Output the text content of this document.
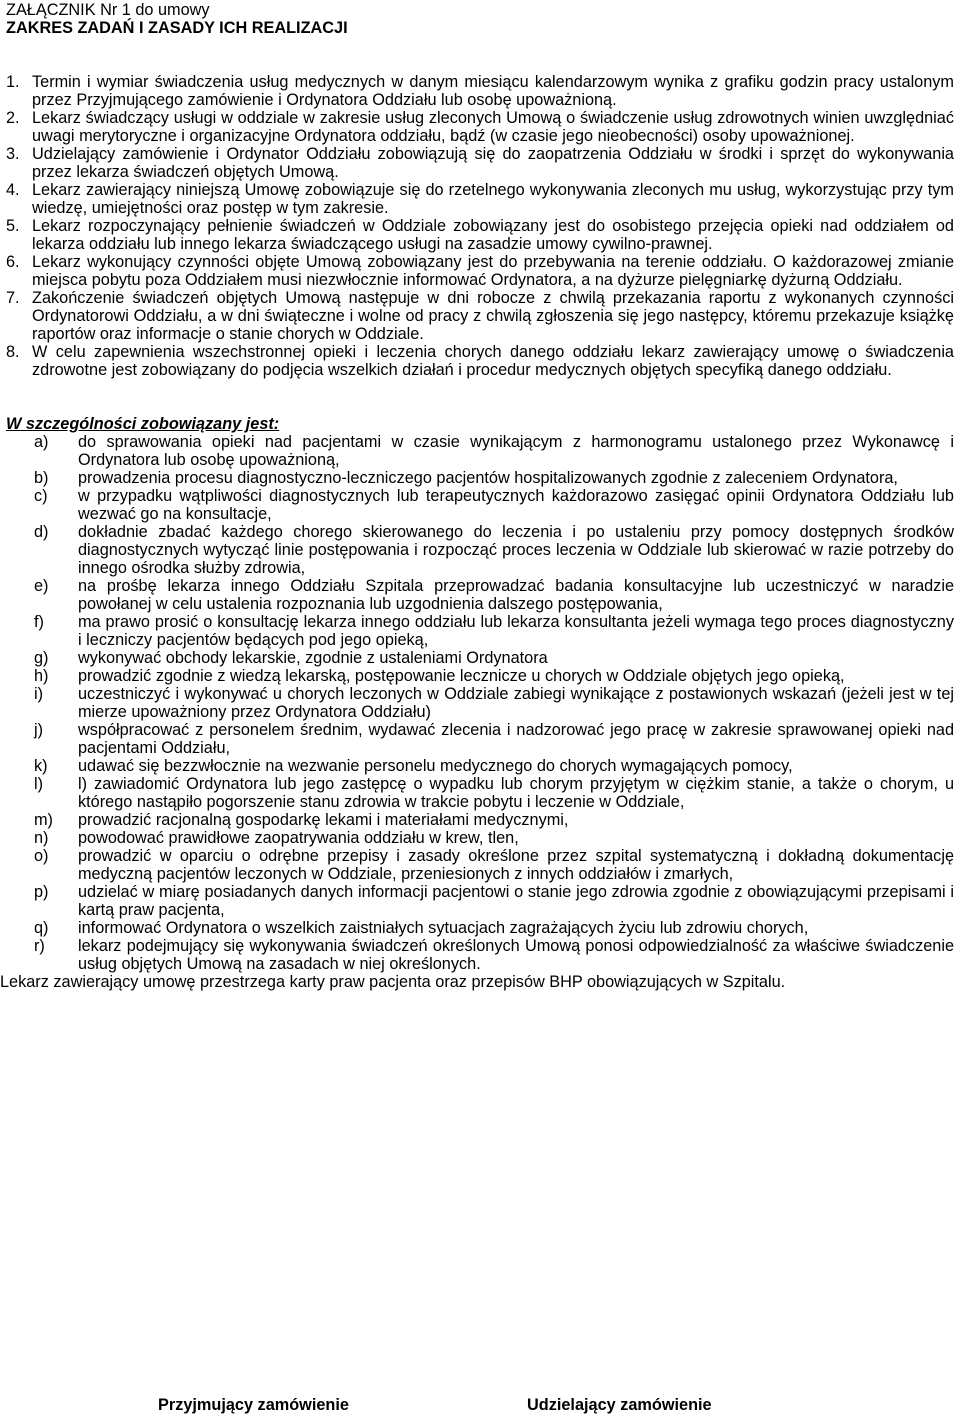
ZAŁĄCZNIK Nr 1 do umowy
ZAKRES ZADAŃ I ZASADY ICH REALIZACJI
1. Termin i wymiar świadczenia usług medycznych w danym miesiącu kalendarzowym wynika z grafiku godzin pracy ustalonym przez Przyjmującego zamówienie i Ordynatora Oddziału lub osobę upoważnioną.
2. Lekarz świadczący usługi w oddziale w zakresie usług zleconych Umową o świadczenie usług zdrowotnych winien uwzględniać uwagi merytoryczne i organizacyjne Ordynatora oddziału, bądź (w czasie jego nieobecności) osoby upoważnionej.
3. Udzielający zamówienie i Ordynator Oddziału zobowiązują się do zaopatrzenia Oddziału w środki i sprzęt do wykonywania przez lekarza świadczeń objętych Umową.
4. Lekarz zawierający niniejszą Umowę zobowiązuje się do rzetelnego wykonywania zleconych mu usług, wykorzystując przy tym wiedzę, umiejętności oraz postęp w tym zakresie.
5. Lekarz rozpoczynający pełnienie świadczeń w Oddziale zobowiązany jest do osobistego przejęcia opieki nad oddziałem od lekarza oddziału lub innego lekarza świadczącego usługi na zasadzie umowy cywilno-prawnej.
6. Lekarz wykonujący czynności objęte Umową zobowiązany jest do przebywania na terenie oddziału. O każdorazowej zmianie miejsca pobytu poza Oddziałem musi niezwłocznie informować Ordynatora, a na dyżurze pielęgniarkę dyżurną Oddziału.
7. Zakończenie świadczeń objętych Umową następuje w dni robocze z chwilą przekazania raportu z wykonanych czynności Ordynatorowi Oddziału, a w dni świąteczne i wolne od pracy z chwilą zgłoszenia się jego następcy, któremu przekazuje książkę raportów oraz informacje o stanie chorych w Oddziale.
8. W celu zapewnienia wszechstronnej opieki i leczenia chorych danego oddziału lekarz zawierający umowę o świadczenia zdrowotne jest zobowiązany do podjęcia wszelkich działań i procedur medycznych objętych specyfiką danego oddziału.
W szczególności zobowiązany jest:
a) do sprawowania opieki nad pacjentami w czasie wynikającym z harmonogramu ustalonego przez Wykonawcę i Ordynatora lub osobę upoważnioną,
b) prowadzenia procesu diagnostyczno-leczniczego pacjentów hospitalizowanych zgodnie z zaleceniem Ordynatora,
c) w przypadku wątpliwości diagnostycznych lub terapeutycznych każdorazowo zasięgać opinii Ordynatora Oddziału lub wezwać go na konsultacje,
d) dokładnie zbadać każdego chorego skierowanego do leczenia i po ustaleniu przy pomocy dostępnych środków diagnostycznych wytycząć linie postępowania i rozpocząć proces leczenia w Oddziale lub skierować w razie potrzeby do innego ośrodka służby zdrowia,
e) na prośbę lekarza innego Oddziału Szpitala przeprowadzać badania konsultacyjne lub uczestniczyć w naradzie powołanej w celu ustalenia rozpoznania lub uzgodnienia dalszego postępowania,
f) ma prawo prosić o konsultację lekarza innego oddziału lub lekarza konsultanta jeżeli wymaga tego proces diagnostyczny i leczniczy pacjentów będących pod jego opieką,
g) wykonywać obchody lekarskie, zgodnie z ustaleniami Ordynatora
h) prowadzić zgodnie z wiedzą lekarską, postępowanie lecznicze u chorych w Oddziale objętych jego opieką,
i) uczestniczyć i wykonywać u chorych leczonych w Oddziale zabiegi wynikające z postawionych wskazań (jeżeli jest w tej mierze upoważniony przez Ordynatora Oddziału)
j) współpracować z personelem średnim, wydawać zlecenia i nadzorować jego pracę w zakresie sprawowanej opieki nad pacjentami Oddziału,
k) udawać się bezzwłocznie na wezwanie personelu medycznego do chorych wymagających pomocy,
l) l) zawiadomić Ordynatora lub jego zastępcę o wypadku lub chorym przyjętym w ciężkim stanie, a także o chorym, u którego nastąpiło pogorszenie stanu zdrowia w trakcie pobytu i leczenie w Oddziale,
m) prowadzić racjonalną gospodarkę lekami i materiałami medycznymi,
n) powodować prawidłowe zaopatrywania oddziału w krew, tlen,
o) prowadzić w oparciu o odrębne przepisy i zasady określone przez szpital systematyczną i dokładną dokumentację medyczną pacjentów leczonych w Oddziale, przeniesionych z innych oddziałów i zmarłych,
p) udzielać w miarę posiadanych danych informacji pacjentowi o stanie jego zdrowia zgodnie z obowiązującymi przepisami i kartą praw pacjenta,
q) informować Ordynatora o wszelkich zaistniałych sytuacjach zagrażających życiu lub zdrowiu chorych,
r) lekarz podejmujący się wykonywania świadczeń określonych Umową ponosi odpowiedzialność za właściwe świadczenie usług objętych Umową na zasadach w niej określonych.
Lekarz zawierający umowę przestrzega karty praw pacjenta oraz przepisów BHP obowiązujących w Szpitalu.
Przyjmujący zamówienie	Udzielający zamówienie
